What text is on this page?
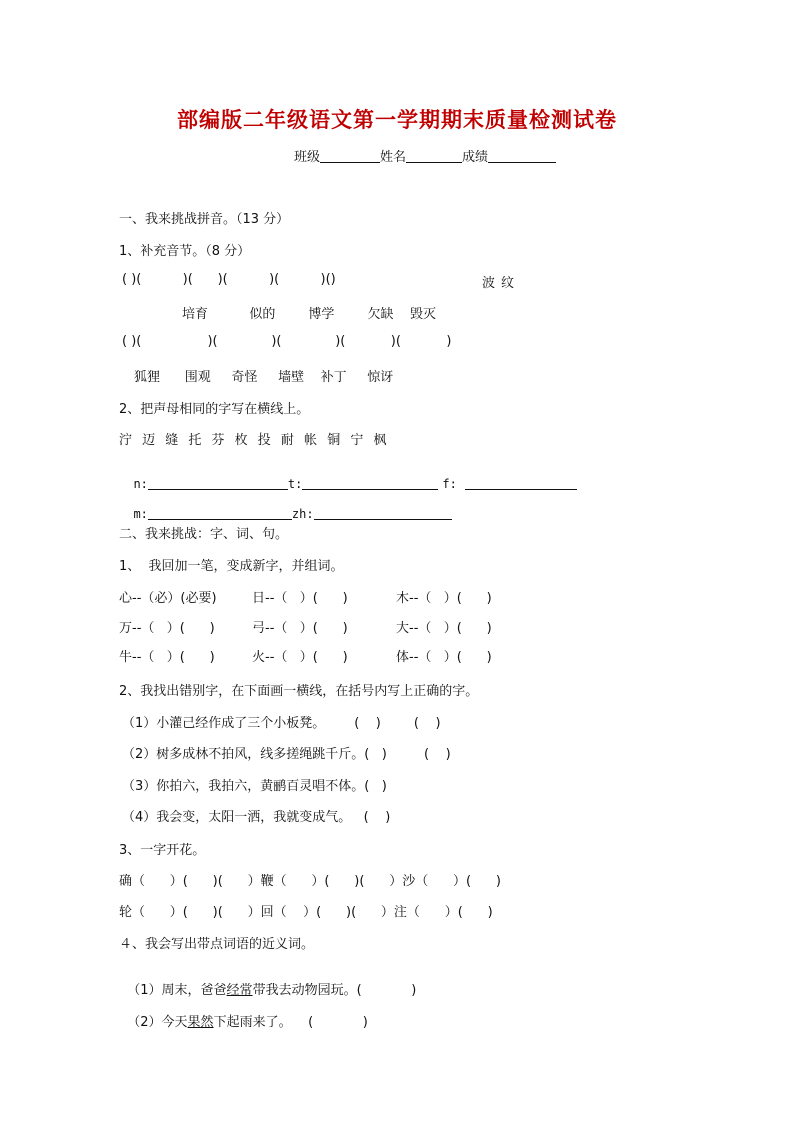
部编版二年级语文第一学期期末质量检测试卷
班级	姓名	成绩
一、我来挑战拼音。（13 分）
1、补充音节。（8 分）
( )(          )(      )(          )(          )()	波纹
培育          似的        博学        欠缺    毁灭
( )(                )(             )(             )(           )(           )
狐狸      围观     奇怪     墙壁    补丁     惊讶
2、把声母相同的字写在横线上。
泞 迈 缝 托 芬 枚 投 耐 帐 铜 宁 枫

n:	t:	f:

m:	zh:

二、我来挑战：字、词、句。
1、  我回加一笔，变成新字，并组词。
心--（必）(必要)	日--（   ）(      )	木--（   ）(      )
万--（   ）(      )	弓--（   ）(      )	大--（   ）(      )
牛--（   ）(      )	火--（   ）(      )	体--（   ）(      )
2、我找出错别字，在下面画一横线，在括号内写上正确的字。
（1）小灌己经作成了三个小板凳。       (    )        (    )
（2）树多成林不拍风，线多搓绳跳千斤。(   )         (    )
（3）你拍六，我拍六，黄鹂百灵唱不体。(   )
（4）我会变，太阳一洒，我就变成气。   (    )
3、一字开花。
确（      ）(      )(      ）鞭（      ）(      )(      ）沙（      ）(      )
轮（      ）(      )(      ）回（    ）(      )(      ）注（      ）(      )
４、我会写出带点词语的近义词。

（1）周末，爸爸经常带我去动物园玩。(            )

（2）今天果然下起雨来了。    (            )
